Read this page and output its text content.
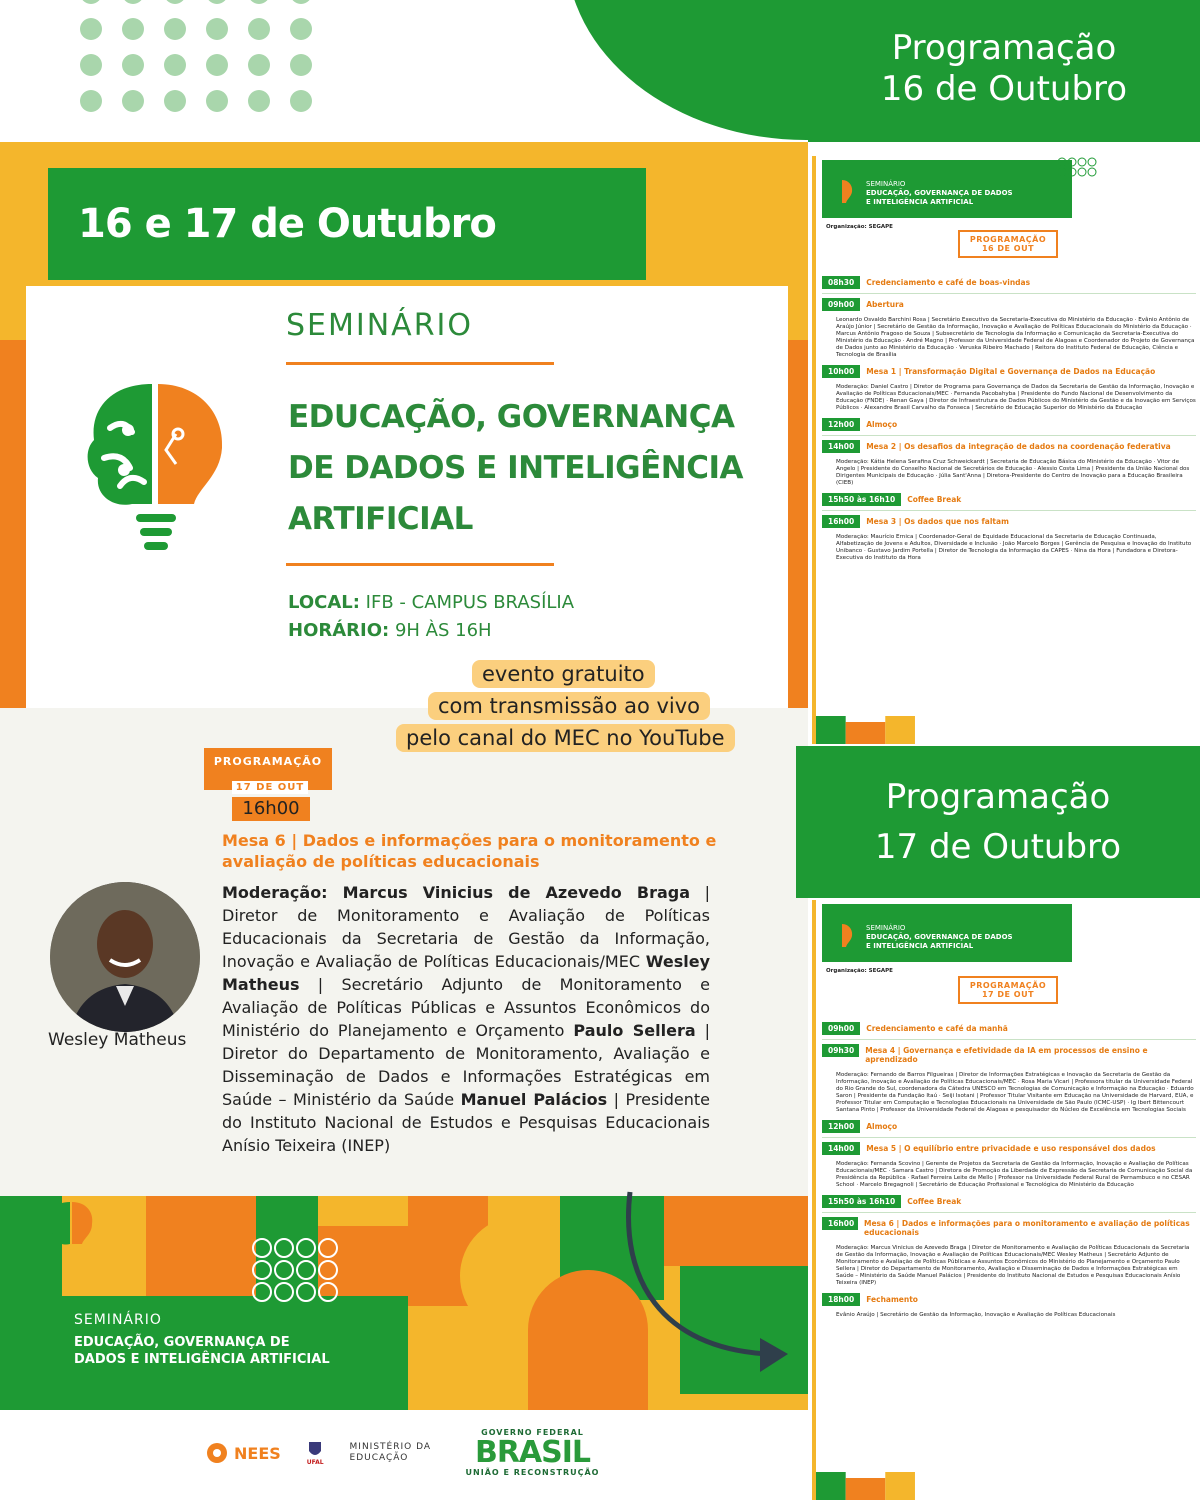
16 e 17 de Outubro
SEMINÁRIO
EDUCAÇÃO, GOVERNANÇA
DE DADOS E INTELIGÊNCIA
ARTIFICIAL
LOCAL: IFB - CAMPUS BRASÍLIA
HORÁRIO: 9H ÀS 16H
evento gratuito
com transmissão ao vivo
pelo canal do MEC no YouTube
PROGRAMAÇÃO
17 DE OUT
16h00
Mesa 6 | Dados e informações para o monitoramento e avaliação de políticas educacionais
Wesley Matheus
Moderação: Marcus Vinicius de Azevedo Braga | Diretor de Monitoramento e Avaliação de Políticas Educacionais da Secretaria de Gestão da Informação, Inovação e Avaliação de Políticas Educacionais/MEC Wesley Matheus | Secretário Adjunto de Monitoramento e Avaliação de Políticas Públicas e Assuntos Econômicos do Ministério do Planejamento e Orçamento Paulo Sellera | Diretor do Departamento de Monitoramento, Avaliação e Disseminação de Dados e Informações Estratégicas em Saúde – Ministério da Saúde Manuel Palácios | Presidente do Instituto Nacional de Estudos e Pesquisas Educacionais Anísio Teixeira (INEP)
SEMINÁRIO
EDUCAÇÃO, GOVERNANÇA DE DADOS E INTELIGÊNCIA ARTIFICIAL
NEES	UFAL
MINISTÉRIO DA EDUCAÇÃO
GOVERNO FEDERAL
BRASIL
UNIÃO E RECONSTRUÇÃO
Programação
16 de Outubro
SEMINÁRIO
EDUCAÇÃO, GOVERNANÇA DE DADOS E INTELIGÊNCIA ARTIFICIAL
Organização: SEGAPE
PROGRAMAÇÃO
16 DE OUT
08h30	Credenciamento e café de boas-vindas
09h00	Abertura
Leonardo Osvaldo Barchini Rosa | Secretário Executivo da Secretaria-Executiva do Ministério da Educação · Evânio Antônio de Araújo Júnior | Secretário de Gestão da Informação, Inovação e Avaliação de Políticas Educacionais do Ministério da Educação · Marcus Antônio Fragoso de Souza | Subsecretário de Tecnologia da Informação e Comunicação da Secretaria-Executiva do Ministério da Educação · André Magno | Professor da Universidade Federal de Alagoas e Coordenador do Projeto de Governança de Dados junto ao Ministério da Educação · Veruska Ribeiro Machado | Reitora do Instituto Federal de Educação, Ciência e Tecnologia de Brasília
10h00	Mesa 1 | Transformação Digital e Governança de Dados na Educação
Moderação: Daniel Castro | Diretor de Programa para Governança de Dados da Secretaria de Gestão da Informação, Inovação e Avaliação de Políticas Educacionais/MEC · Fernanda Pacobahyba | Presidente do Fundo Nacional de Desenvolvimento da Educação (FNDE) · Renan Gaya | Diretor de Infraestrutura de Dados Públicos do Ministério da Gestão e da Inovação em Serviços Públicos · Alexandre Brasil Carvalho da Fonseca | Secretário de Educação Superior do Ministério da Educação
12h00	Almoço
14h00	Mesa 2 | Os desafios da integração de dados na coordenação federativa
Moderação: Kátia Helena Serafina Cruz Schweickardt | Secretaria de Educação Básica do Ministério da Educação · Vitor de Angelo | Presidente do Conselho Nacional de Secretários de Educação · Alessio Costa Lima | Presidente da União Nacional dos Dirigentes Municipais de Educação · Júlia Sant'Anna | Diretora-Presidente do Centro de Inovação para a Educação Brasileira (CIEB)
15h50 às 16h10	Coffee Break
16h00	Mesa 3 | Os dados que nos faltam
Moderação: Maurício Ernica | Coordenador-Geral de Equidade Educacional da Secretaria de Educação Continuada, Alfabetização de Jovens e Adultos, Diversidade e Inclusão · João Marcelo Borges | Gerência de Pesquisa e Inovação do Instituto Unibanco · Gustavo Jardim Portella | Diretor de Tecnologia da Informação da CAPES · Nina da Hora | Fundadora e Diretora-Executiva do Instituto da Hora
Programação
17 de Outubro
SEMINÁRIO
EDUCAÇÃO, GOVERNANÇA DE DADOS E INTELIGÊNCIA ARTIFICIAL
Organização: SEGAPE
PROGRAMAÇÃO
17 DE OUT
09h00	Credenciamento e café da manhã
09h30	Mesa 4 | Governança e efetividade da IA em processos de ensino e aprendizado
Moderação: Fernando de Barros Filgueiras | Diretor de Informações Estratégicas e Inovação da Secretaria de Gestão da Informação, Inovação e Avaliação de Políticas Educacionais/MEC · Rosa Maria Vicari | Professora titular da Universidade Federal do Rio Grande do Sul, coordenadora da Cátedra UNESCO em Tecnologias de Comunicação e Informação na Educação · Eduardo Saron | Presidente da Fundação Itaú · Seiji Isotani | Professor Titular Visitante em Educação na Universidade de Harvard, EUA, e Professor Titular em Computação e Tecnologias Educacionais na Universidade de São Paulo (ICMC-USP) · Ig Ibert Bittencourt Santana Pinto | Professor da Universidade Federal de Alagoas e pesquisador do Núcleo de Excelência em Tecnologias Sociais
12h00	Almoço
14h00	Mesa 5 | O equilíbrio entre privacidade e uso responsável dos dados
Moderação: Fernanda Scovino | Gerente de Projetos da Secretaria de Gestão da Informação, Inovação e Avaliação de Políticas Educacionais/MEC · Samara Castro | Diretora de Promoção da Liberdade de Expressão da Secretaria de Comunicação Social da Presidência da República · Rafael Ferreira Leite de Mello | Professor na Universidade Federal Rural de Pernambuco e no CESAR School · Marcelo Bregagnoli | Secretário de Educação Profissional e Tecnológica do Ministério da Educação
15h50 às 16h10	Coffee Break
16h00	Mesa 6 | Dados e informações para o monitoramento e avaliação de políticas educacionais
Moderação: Marcus Vinicius de Azevedo Braga | Diretor de Monitoramento e Avaliação de Políticas Educacionais da Secretaria de Gestão da Informação, Inovação e Avaliação de Políticas Educacionais/MEC Wesley Matheus | Secretário Adjunto de Monitoramento e Avaliação de Políticas Públicas e Assuntos Econômicos do Ministério do Planejamento e Orçamento Paulo Sellera | Diretor do Departamento de Monitoramento, Avaliação e Disseminação de Dados e Informações Estratégicas em Saúde – Ministério da Saúde Manuel Palácios | Presidente do Instituto Nacional de Estudos e Pesquisas Educacionais Anísio Teixeira (INEP)
18h00	Fechamento
Evânio Araújo | Secretário de Gestão da Informação, Inovação e Avaliação de Políticas Educacionais
